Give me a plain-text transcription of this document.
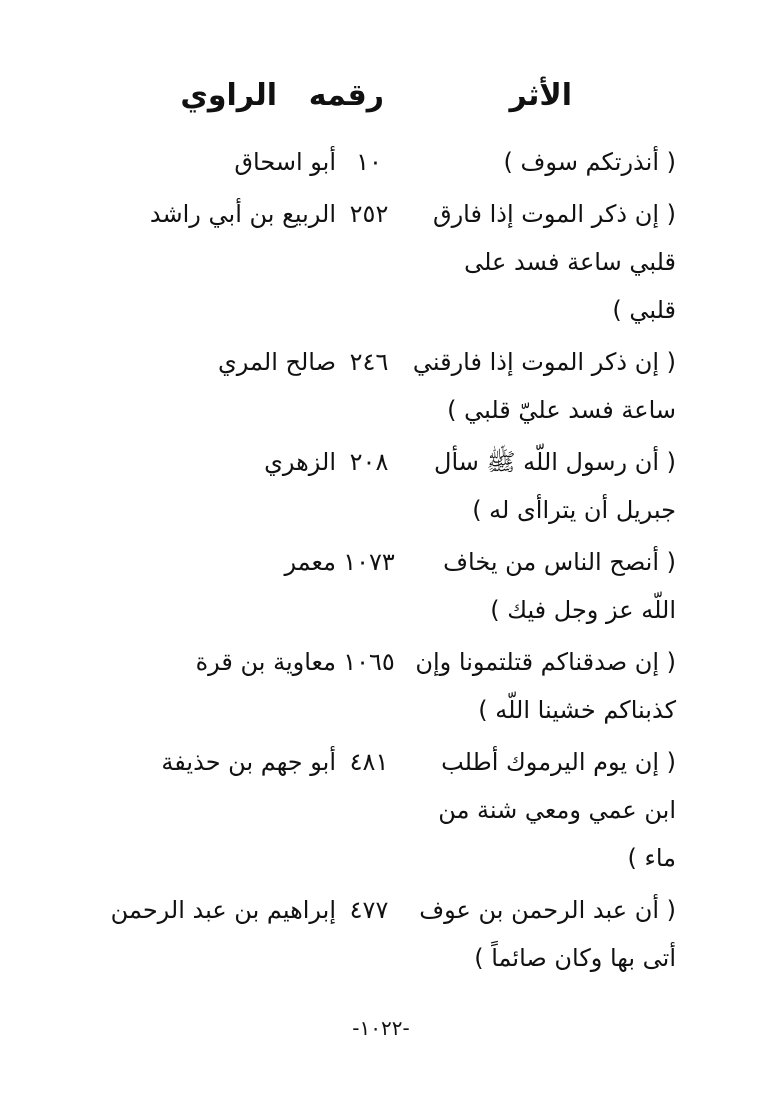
الأثر
رقمه
الراوي
( أنذرتكم سوف )
١٠
أبو اسحاق
( إن ذكر الموت إذا فارق
٢٥٢
الربيع بن أبي راشد
قلبي ساعة فسد على
قلبي )
( إن ذكر الموت إذا فارقني
٢٤٦
صالح المري
ساعة فسد عليّ قلبي )
( أن رسول اللّه ﷺ سأل
٢٠٨
الزهري
جبريل أن يتراأى له )
( أنصح الناس من يخاف
١٠٧٣
معمر
اللّه عز وجل فيك )
( إن صدقناكم قتلتمونا وإن
١٠٦٥
معاوية بن قرة
كذبناكم خشينا اللّه )
( إن يوم اليرموك أطلب
٤٨١
أبو جهم بن حذيفة
ابن عمي ومعي شنة من
ماء )
( أن عبد الرحمن بن عوف
٤٧٧
إبراهيم بن عبد الرحمن
أتى بها وكان صائماً )
-١٠٢٢-
